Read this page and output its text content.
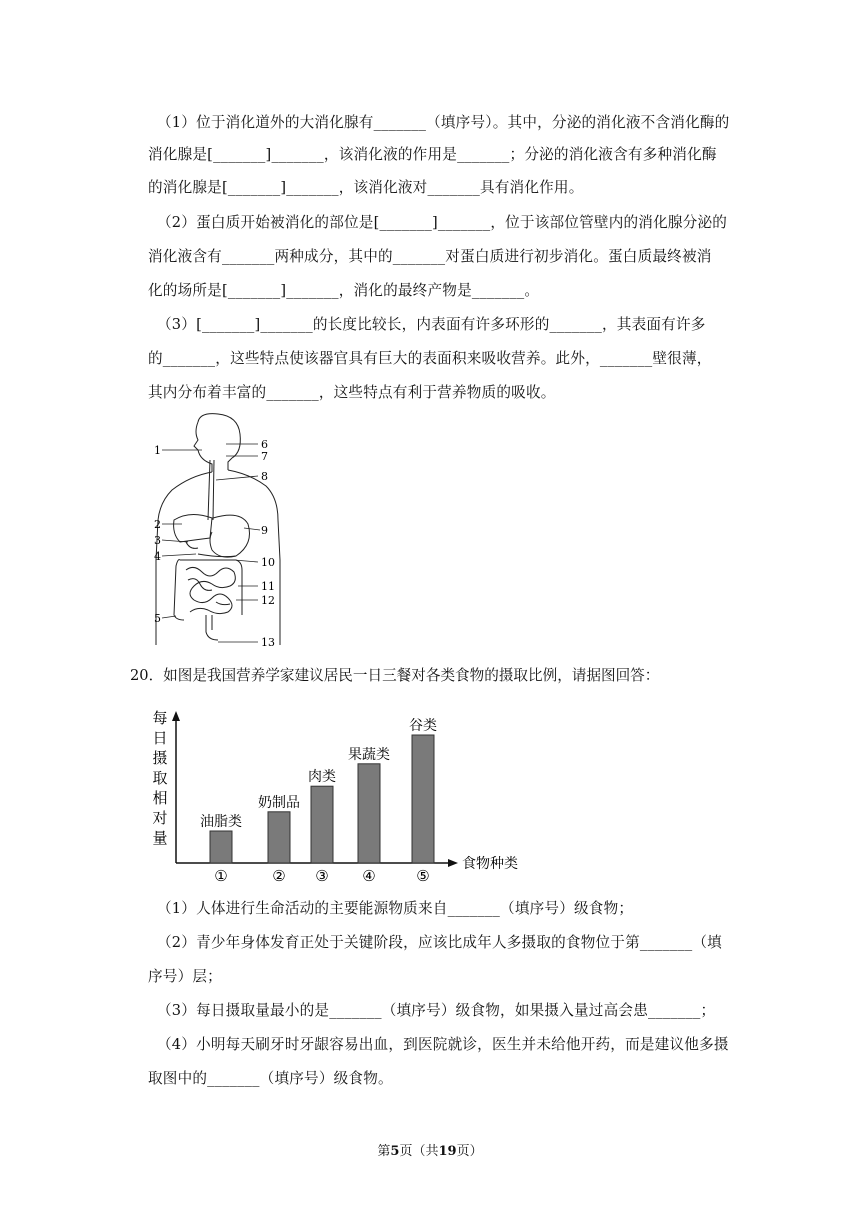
（1）位于消化道外的大消化腺有_______（填序号）。其中，分泌的消化液不含消化酶的
消化腺是[_______]_______，该消化液的作用是_______；分泌的消化液含有多种消化酶
的消化腺是[_______]_______，该消化液对_______具有消化作用。
（2）蛋白质开始被消化的部位是[_______]_______，位于该部位管壁内的消化腺分泌的
消化液含有_______两种成分，其中的_______对蛋白质进行初步消化。蛋白质最终被消
化的场所是[_______]_______，消化的最终产物是_______。
（3）[_______]_______的长度比较长，内表面有许多环形的_______，其表面有许多
的_______，这些特点使该器官具有巨大的表面积来吸收营养。此外，_______壁很薄，
其内分布着丰富的_______，这些特点有利于营养物质的吸收。
1
2
3
4
5
6
7
8
9
10
11
12
13
20．如图是我国营养学家建议居民一日三餐对各类食物的摄取比例，请据图回答：
每
日
摄
取
相
对
量
食物种类
油脂类
①
奶制品
②
肉类
③
果蔬类
④
谷类
⑤
（1）人体进行生命活动的主要能源物质来自_______（填序号）级食物；
（2）青少年身体发育正处于关键阶段，应该比成年人多摄取的食物位于第_______（填
序号）层；
（3）每日摄取量最小的是_______（填序号）级食物，如果摄入量过高会患_______；
（4）小明每天刷牙时牙龈容易出血，到医院就诊，医生并未给他开药，而是建议他多摄
取图中的_______（填序号）级食物。
第5页（共19页）
